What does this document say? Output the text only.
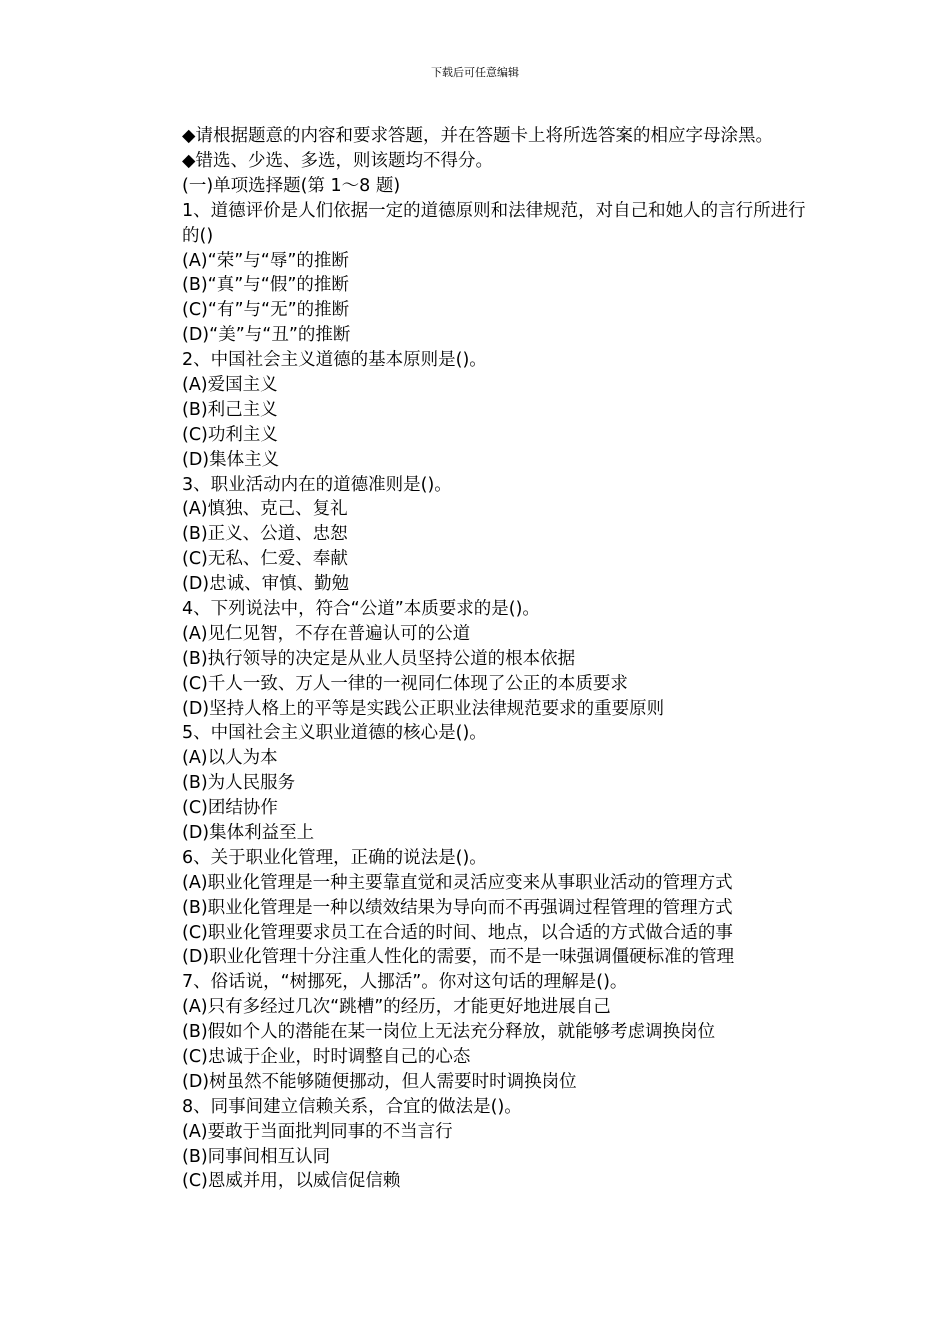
下载后可任意编辑
◆请根据题意的内容和要求答题，并在答题卡上将所选答案的相应字母涂黑。
◆错选、少选、多选，则该题均不得分。
(一)单项选择题(第 1～8 题)
1、道德评价是人们依据一定的道德原则和法律规范，对自己和她人的言行所进行的()
(A)“荣”与“辱”的推断
(B)“真”与“假”的推断
(C)“有”与“无”的推断
(D)“美”与“丑”的推断
2、中国社会主义道德的基本原则是()。
(A)爱国主义
(B)利己主义
(C)功利主义
(D)集体主义
3、职业活动内在的道德准则是()。
(A)慎独、克己、复礼
(B)正义、公道、忠恕
(C)无私、仁爱、奉献
(D)忠诚、审慎、勤勉
4、下列说法中，符合“公道”本质要求的是()。
(A)见仁见智，不存在普遍认可的公道
(B)执行领导的决定是从业人员坚持公道的根本依据
(C)千人一致、万人一律的一视同仁体现了公正的本质要求
(D)坚持人格上的平等是实践公正职业法律规范要求的重要原则
5、中国社会主义职业道德的核心是()。
(A)以人为本
(B)为人民服务
(C)团结协作
(D)集体利益至上
6、关于职业化管理，正确的说法是()。
(A)职业化管理是一种主要靠直觉和灵活应变来从事职业活动的管理方式
(B)职业化管理是一种以绩效结果为导向而不再强调过程管理的管理方式
(C)职业化管理要求员工在合适的时间、地点，以合适的方式做合适的事
(D)职业化管理十分注重人性化的需要，而不是一味强调僵硬标准的管理
7、俗话说，“树挪死，人挪活”。你对这句话的理解是()。
(A)只有多经过几次“跳槽”的经历，才能更好地进展自己
(B)假如个人的潜能在某一岗位上无法充分释放，就能够考虑调换岗位
(C)忠诚于企业，时时调整自己的心态
(D)树虽然不能够随便挪动，但人需要时时调换岗位
8、同事间建立信赖关系，合宜的做法是()。
(A)要敢于当面批判同事的不当言行
(B)同事间相互认同
(C)恩威并用，以威信促信赖
